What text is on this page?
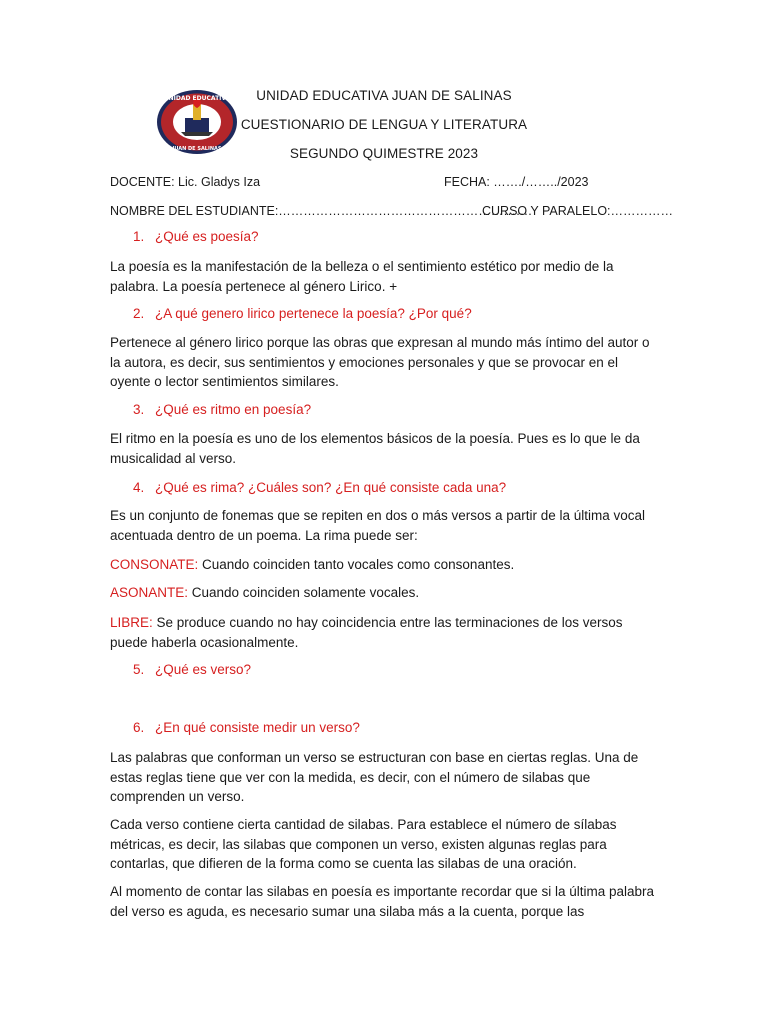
UNIDAD EDUCATIVA
JUAN DE SALINAS
UNIDAD EDUCATIVA JUAN DE SALINAS
CUESTIONARIO DE LENGUA Y LITERATURA
SEGUNDO QUIMESTRE 2023
DOCENTE: Lic. Gladys Iza	FECHA: ……./……../2023
NOMBRE DEL ESTUDIANTE:…………………………………………………….
CURSO Y PARALELO:……………
1. ¿Qué es poesía?
La poesía es la manifestación de la belleza o el sentimiento estético por medio de la palabra. La poesía pertenece al género Lirico. +
2. ¿A qué genero lirico pertenece la poesía? ¿Por qué?
Pertenece al género lirico porque las obras que expresan al mundo más íntimo del autor o la autora, es decir, sus sentimientos y emociones personales y que se provocar en el oyente o lector sentimientos similares.
3. ¿Qué es ritmo en poesía?
El ritmo en la poesía es uno de los elementos básicos de la poesía. Pues es lo que le da musicalidad al verso.
4. ¿Qué es rima? ¿Cuáles son? ¿En qué consiste cada una?
Es un conjunto de fonemas que se repiten en dos o más versos a partir de la última vocal acentuada dentro de un poema. La rima puede ser:
CONSONATE: Cuando coinciden tanto vocales como consonantes.
ASONANTE: Cuando coinciden solamente vocales.
LIBRE: Se produce cuando no hay coincidencia entre las terminaciones de los versos puede haberla ocasionalmente.
5. ¿Qué es verso?
6. ¿En qué consiste medir un verso?
Las palabras que conforman un verso se estructuran con base en ciertas reglas. Una de estas reglas tiene que ver con la medida, es decir, con el número de silabas que comprenden un verso.
Cada verso contiene cierta cantidad de silabas. Para establece el número de sílabas métricas, es decir, las silabas que componen un verso, existen algunas reglas para contarlas, que difieren de la forma como se cuenta las silabas de una oración.
Al momento de contar las silabas en poesía es importante recordar que si la última palabra del verso es aguda, es necesario sumar una silaba más a la cuenta, porque las
